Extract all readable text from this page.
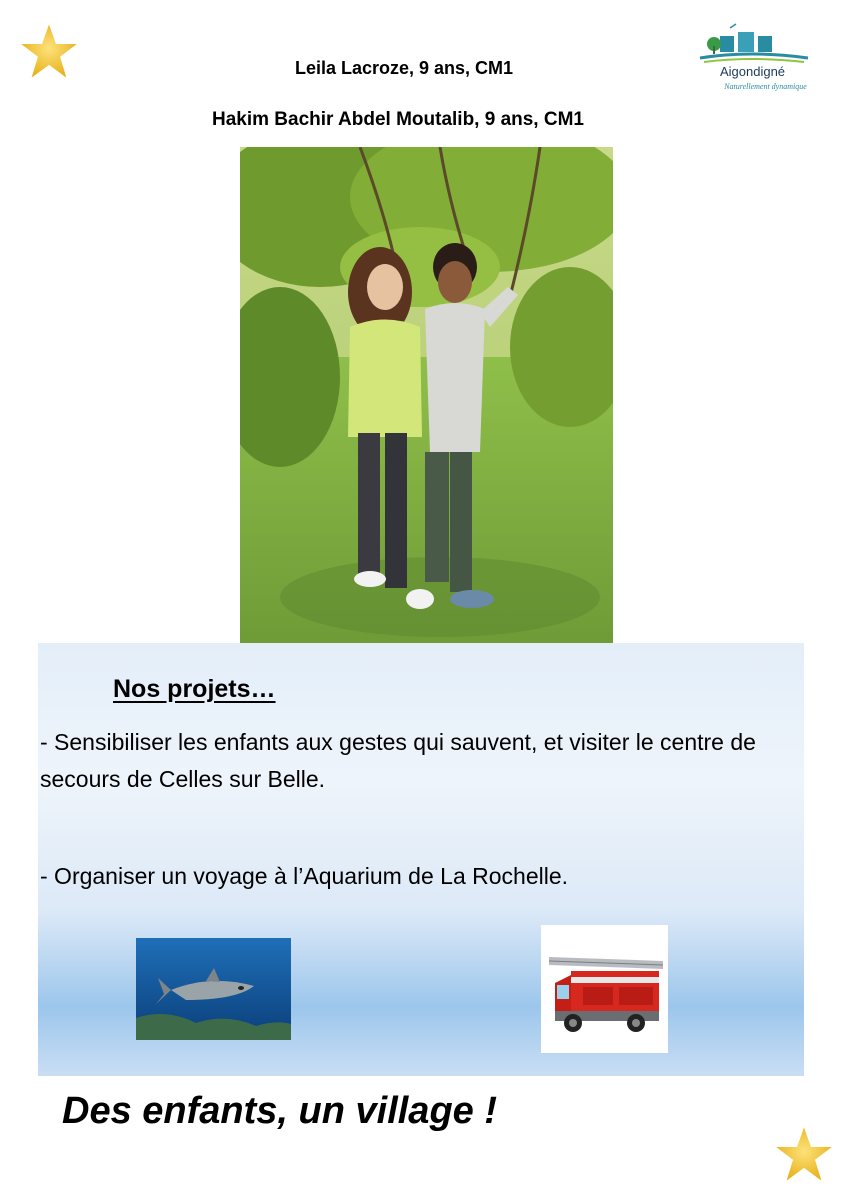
Aigondigné
Naturellement dynamique
Leila Lacroze, 9 ans, CM1
Hakim Bachir Abdel Moutalib, 9 ans, CM1
Nos projets…
- Sensibiliser les enfants aux gestes qui sauvent, et visiter le centre de secours de Celles sur Belle.
- Organiser un voyage à l’Aquarium de La Rochelle.
Des enfants, un village !
